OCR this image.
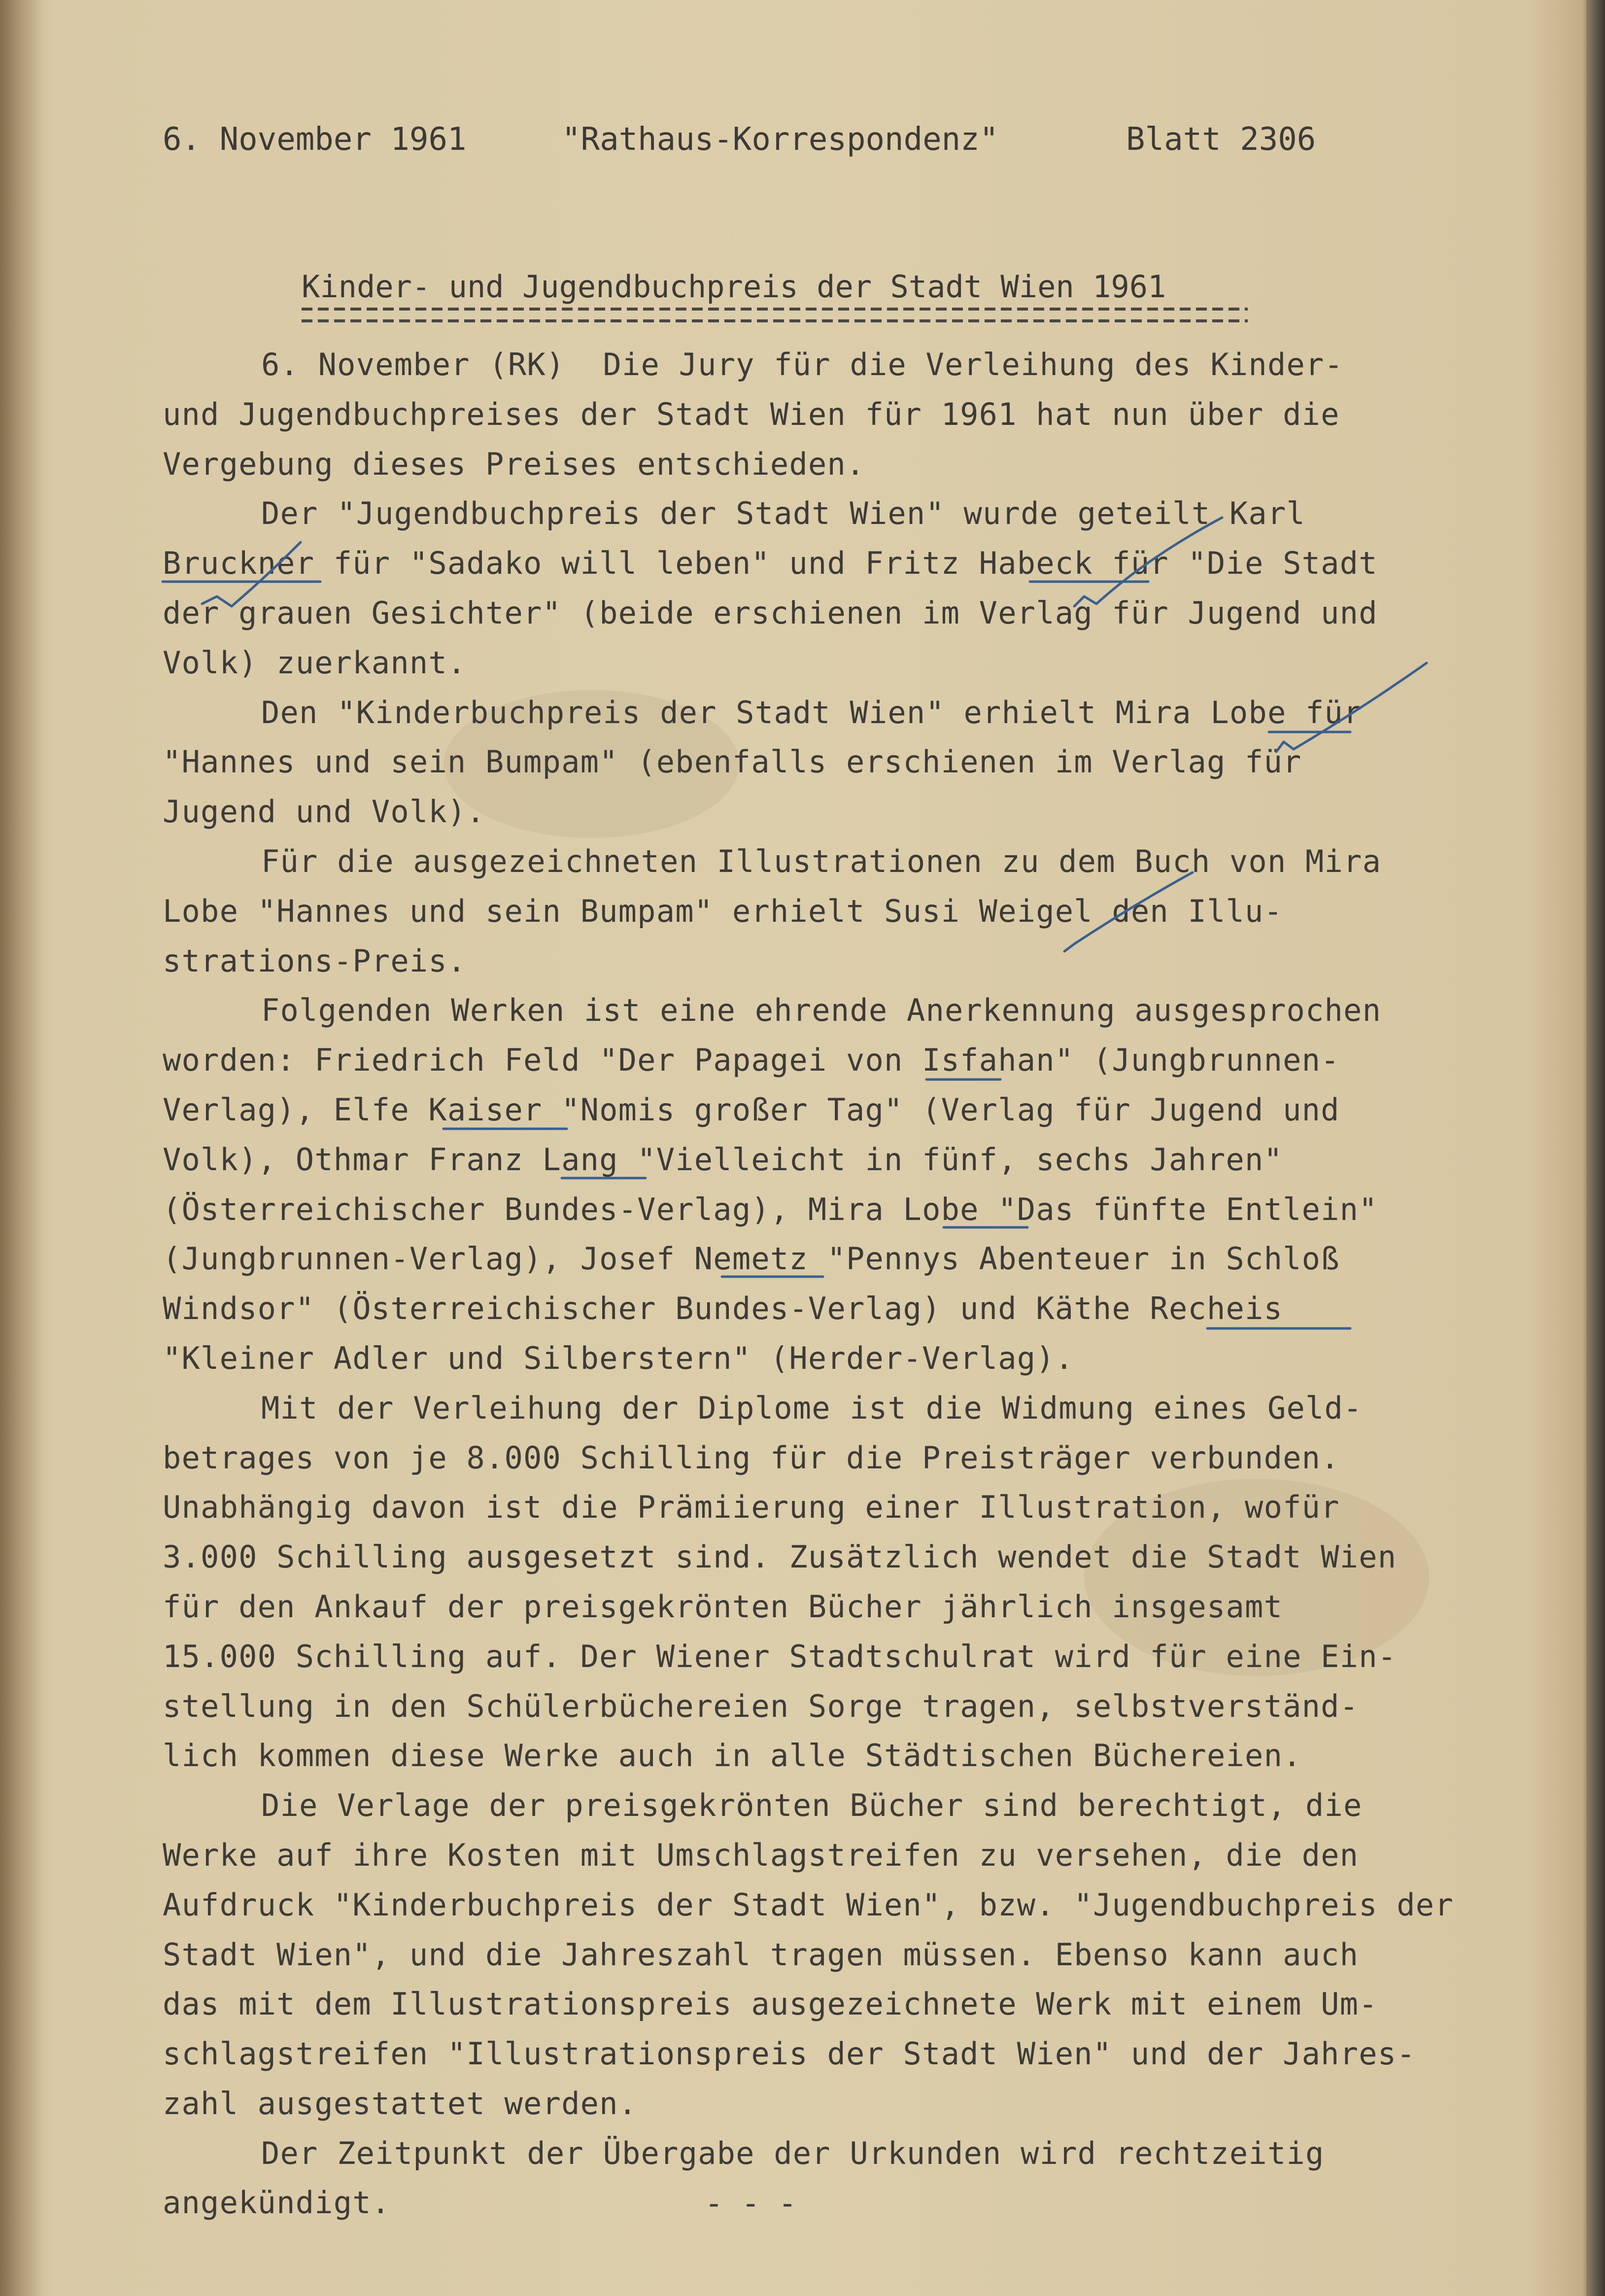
6. November 1961

	"Rathaus-Korrespondenz"

	Blatt 2306

Kinder- und Jugendbuchpreis der Stadt Wien 1961
6. November (RK)  Die Jury für die Verleihung des Kinder-
und Jugendbuchpreises der Stadt Wien für 1961 hat nun über die
Vergebung dieses Preises entschieden.
Der "Jugendbuchpreis der Stadt Wien" wurde geteilt Karl
Bruckner für "Sadako will leben" und Fritz Habeck für "Die Stadt
der grauen Gesichter" (beide erschienen im Verlag für Jugend und
Volk) zuerkannt.
Den "Kinderbuchpreis der Stadt Wien" erhielt Mira Lobe für
"Hannes und sein Bumpam" (ebenfalls erschienen im Verlag für
Jugend und Volk).
Für die ausgezeichneten Illustrationen zu dem Buch von Mira
Lobe "Hannes und sein Bumpam" erhielt Susi Weigel den Illu-
strations-Preis.
Folgenden Werken ist eine ehrende Anerkennung ausgesprochen
worden: Friedrich Feld "Der Papagei von Isfahan" (Jungbrunnen-
Verlag), Elfe Kaiser "Nomis großer Tag" (Verlag für Jugend und
Volk), Othmar Franz Lang "Vielleicht in fünf, sechs Jahren"
(Österreichischer Bundes-Verlag), Mira Lobe "Das fünfte Entlein"
(Jungbrunnen-Verlag), Josef Nemetz "Pennys Abenteuer in Schloß
Windsor" (Österreichischer Bundes-Verlag) und Käthe Recheis
"Kleiner Adler und Silberstern" (Herder-Verlag).
Mit der Verleihung der Diplome ist die Widmung eines Geld-
betrages von je 8.000 Schilling für die Preisträger verbunden.
Unabhängig davon ist die Prämiierung einer Illustration, wofür
3.000 Schilling ausgesetzt sind. Zusätzlich wendet die Stadt Wien
für den Ankauf der preisgekrönten Bücher jährlich insgesamt
15.000 Schilling auf. Der Wiener Stadtschulrat wird für eine Ein-
stellung in den Schülerbüchereien Sorge tragen, selbstverständ-
lich kommen diese Werke auch in alle Städtischen Büchereien.
Die Verlage der preisgekrönten Bücher sind berechtigt, die
Werke auf ihre Kosten mit Umschlagstreifen zu versehen, die den
Aufdruck "Kinderbuchpreis der Stadt Wien", bzw. "Jugendbuchpreis der
Stadt Wien", und die Jahreszahl tragen müssen. Ebenso kann auch
das mit dem Illustrationspreis ausgezeichnete Werk mit einem Um-
schlagstreifen "Illustrationspreis der Stadt Wien" und der Jahres-
zahl ausgestattet werden.
Der Zeitpunkt der Übergabe der Urkunden wird rechtzeitig
angekündigt.	- - -
